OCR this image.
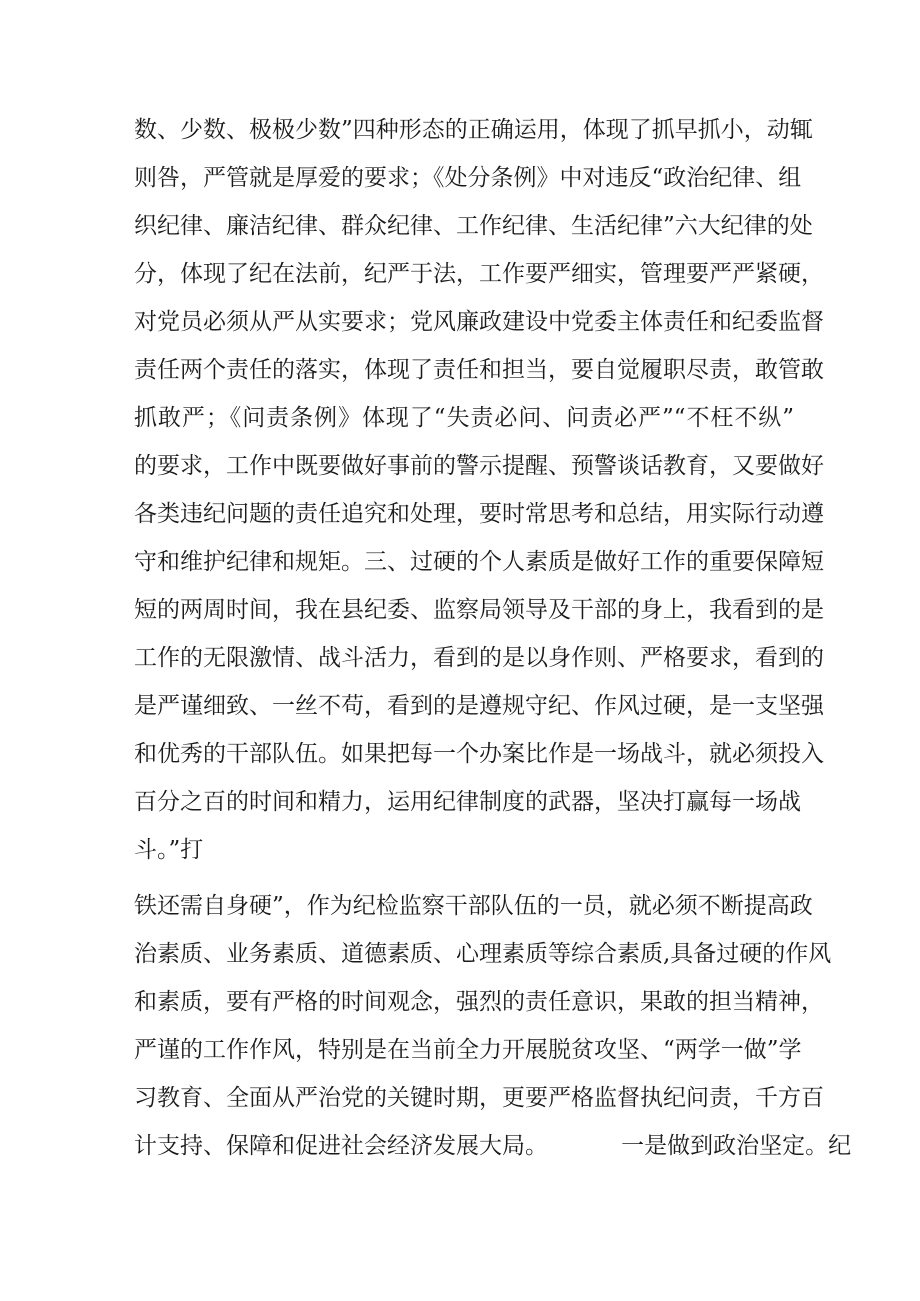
数、少数、极极少数”四种形态的正确运用，体现了抓早抓小，动辄
则咎，严管就是厚爱的要求；《处分条例》中对违反“政治纪律、组
织纪律、廉洁纪律、群众纪律、工作纪律、生活纪律”六大纪律的处
分，体现了纪在法前，纪严于法，工作要严细实，管理要严严紧硬，
对党员必须从严从实要求；党风廉政建设中党委主体责任和纪委监督
责任两个责任的落实，体现了责任和担当，要自觉履职尽责，敢管敢
抓敢严；《问责条例》体现了“失责必问、问责必严”“不枉不纵”
的要求，工作中既要做好事前的警示提醒、预警谈话教育，又要做好
各类违纪问题的责任追究和处理，要时常思考和总结，用实际行动遵
守和维护纪律和规矩。三、过硬的个人素质是做好工作的重要保障短
短的两周时间，我在县纪委、监察局领导及干部的身上，我看到的是
工作的无限激情、战斗活力，看到的是以身作则、严格要求，看到的
是严谨细致、一丝不苟，看到的是遵规守纪、作风过硬，是一支坚强
和优秀的干部队伍。如果把每一个办案比作是一场战斗，就必须投入
百分之百的时间和精力，运用纪律制度的武器，坚决打赢每一场战
斗。”打
铁还需自身硬”，作为纪检监察干部队伍的一员，就必须不断提高政
治素质、业务素质、道德素质、心理素质等综合素质,具备过硬的作风
和素质，要有严格的时间观念，强烈的责任意识，果敢的担当精神，
严谨的工作作风，特别是在当前全力开展脱贫攻坚、“两学一做”学
习教育、全面从严治党的关键时期，更要严格监督执纪问责，千方百
计支持、保障和促进社会经济发展大局。          一是做到政治坚定。纪
